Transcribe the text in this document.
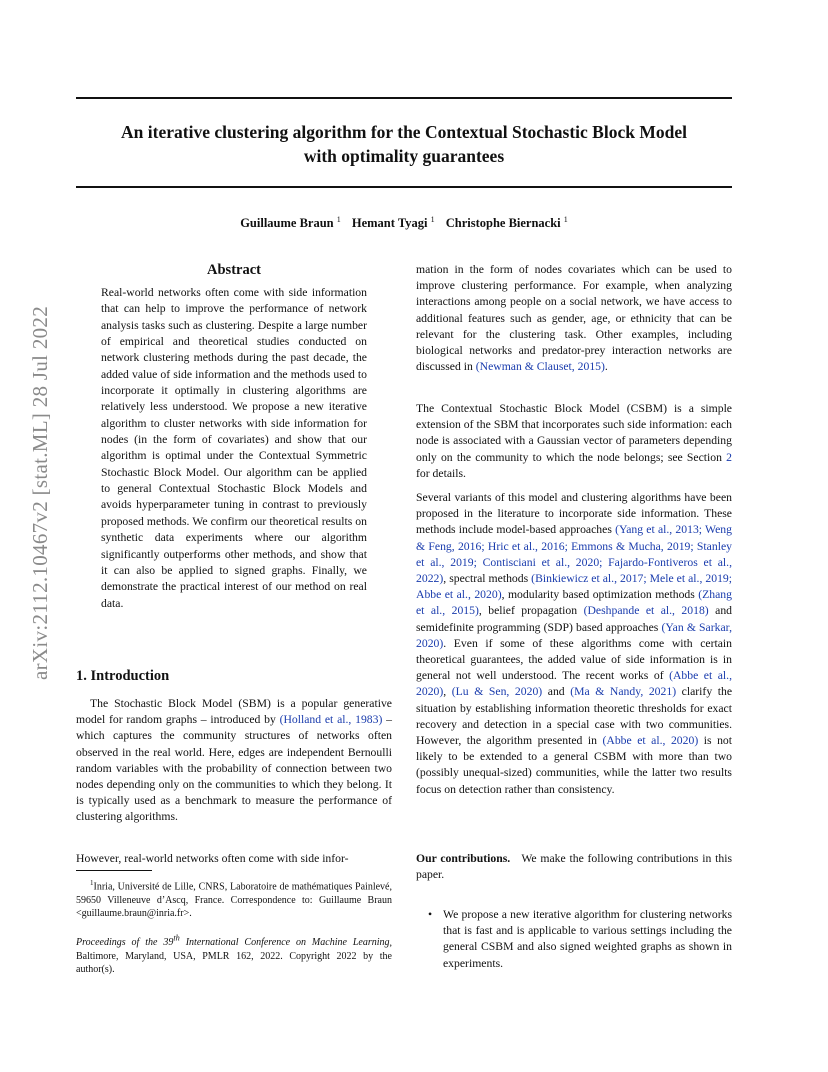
An iterative clustering algorithm for the Contextual Stochastic Block Model
with optimality guarantees
Guillaume Braun $^1$ Hemant Tyagi $^1$ Christophe Biernacki $^1$
arXiv:2112.10467v2 [stat.ML] 28 Jul 2022
Abstract
Real-world networks often come with side information that can help to improve the performance of network analysis tasks such as clustering. Despite a large number of empirical and theoretical studies conducted on network clustering methods during the past decade, the added value of side information and the methods used to incorporate it optimally in clustering algorithms are relatively less understood. We propose a new iterative algorithm to cluster networks with side information for nodes (in the form of covariates) and show that our algorithm is optimal under the Contextual Symmetric Stochastic Block Model. Our algorithm can be applied to general Contextual Stochastic Block Models and avoids hyperparameter tuning in contrast to previously proposed methods. We confirm our theoretical results on synthetic data experiments where our algorithm significantly outperforms other methods, and show that it can also be applied to signed graphs. Finally, we demonstrate the practical interest of our method on real data.
1. Introduction
The Stochastic Block Model (SBM) is a popular generative model for random graphs – introduced by (Holland et al., 1983) – which captures the community structures of networks often observed in the real world. Here, edges are independent Bernoulli random variables with the probability of connection between two nodes depending only on the communities to which they belong. It is typically used as a benchmark to measure the performance of clustering algorithms.
However, real-world networks often come with side infor-
$^1$Inria, Université de Lille, CNRS, Laboratoire de mathématiques Painlevé, 59650 Villeneuve d’Ascq, France. Correspondence to: Guillaume Braun <guillaume.braun@inria.fr>.
Proceedings of the 39th International Conference on Machine Learning, Baltimore, Maryland, USA, PMLR 162, 2022. Copyright 2022 by the author(s).
mation in the form of nodes covariates which can be used to improve clustering performance. For example, when analyzing interactions among people on a social network, we have access to additional features such as gender, age, or ethnicity that can be relevant for the clustering task. Other examples, including biological networks and predator-prey interaction networks are discussed in (Newman & Clauset, 2015).
The Contextual Stochastic Block Model (CSBM) is a simple extension of the SBM that incorporates such side information: each node is associated with a Gaussian vector of parameters depending only on the community to which the node belongs; see Section 2 for details.
Several variants of this model and clustering algorithms have been proposed in the literature to incorporate side information. These methods include model-based approaches (Yang et al., 2013; Weng & Feng, 2016; Hric et al., 2016; Emmons & Mucha, 2019; Stanley et al., 2019; Contisciani et al., 2020; Fajardo-Fontiveros et al., 2022), spectral methods (Binkiewicz et al., 2017; Mele et al., 2019; Abbe et al., 2020), modularity based optimization methods (Zhang et al., 2015), belief propagation (Deshpande et al., 2018) and semidefinite programming (SDP) based approaches (Yan & Sarkar, 2020). Even if some of these algorithms come with certain theoretical guarantees, the added value of side information is in general not well understood. The recent works of (Abbe et al., 2020), (Lu & Sen, 2020) and (Ma & Nandy, 2021) clarify the situation by establishing information theoretic thresholds for exact recovery and detection in a special case with two communities. However, the algorithm presented in (Abbe et al., 2020) is not likely to be extended to a general CSBM with more than two (possibly unequal-sized) communities, while the latter two results focus on detection rather than consistency.
Our contributions.   We make the following contributions in this paper.
• We propose a new iterative algorithm for clustering networks that is fast and is applicable to various settings including the general CSBM and also signed weighted graphs as shown in experiments.
